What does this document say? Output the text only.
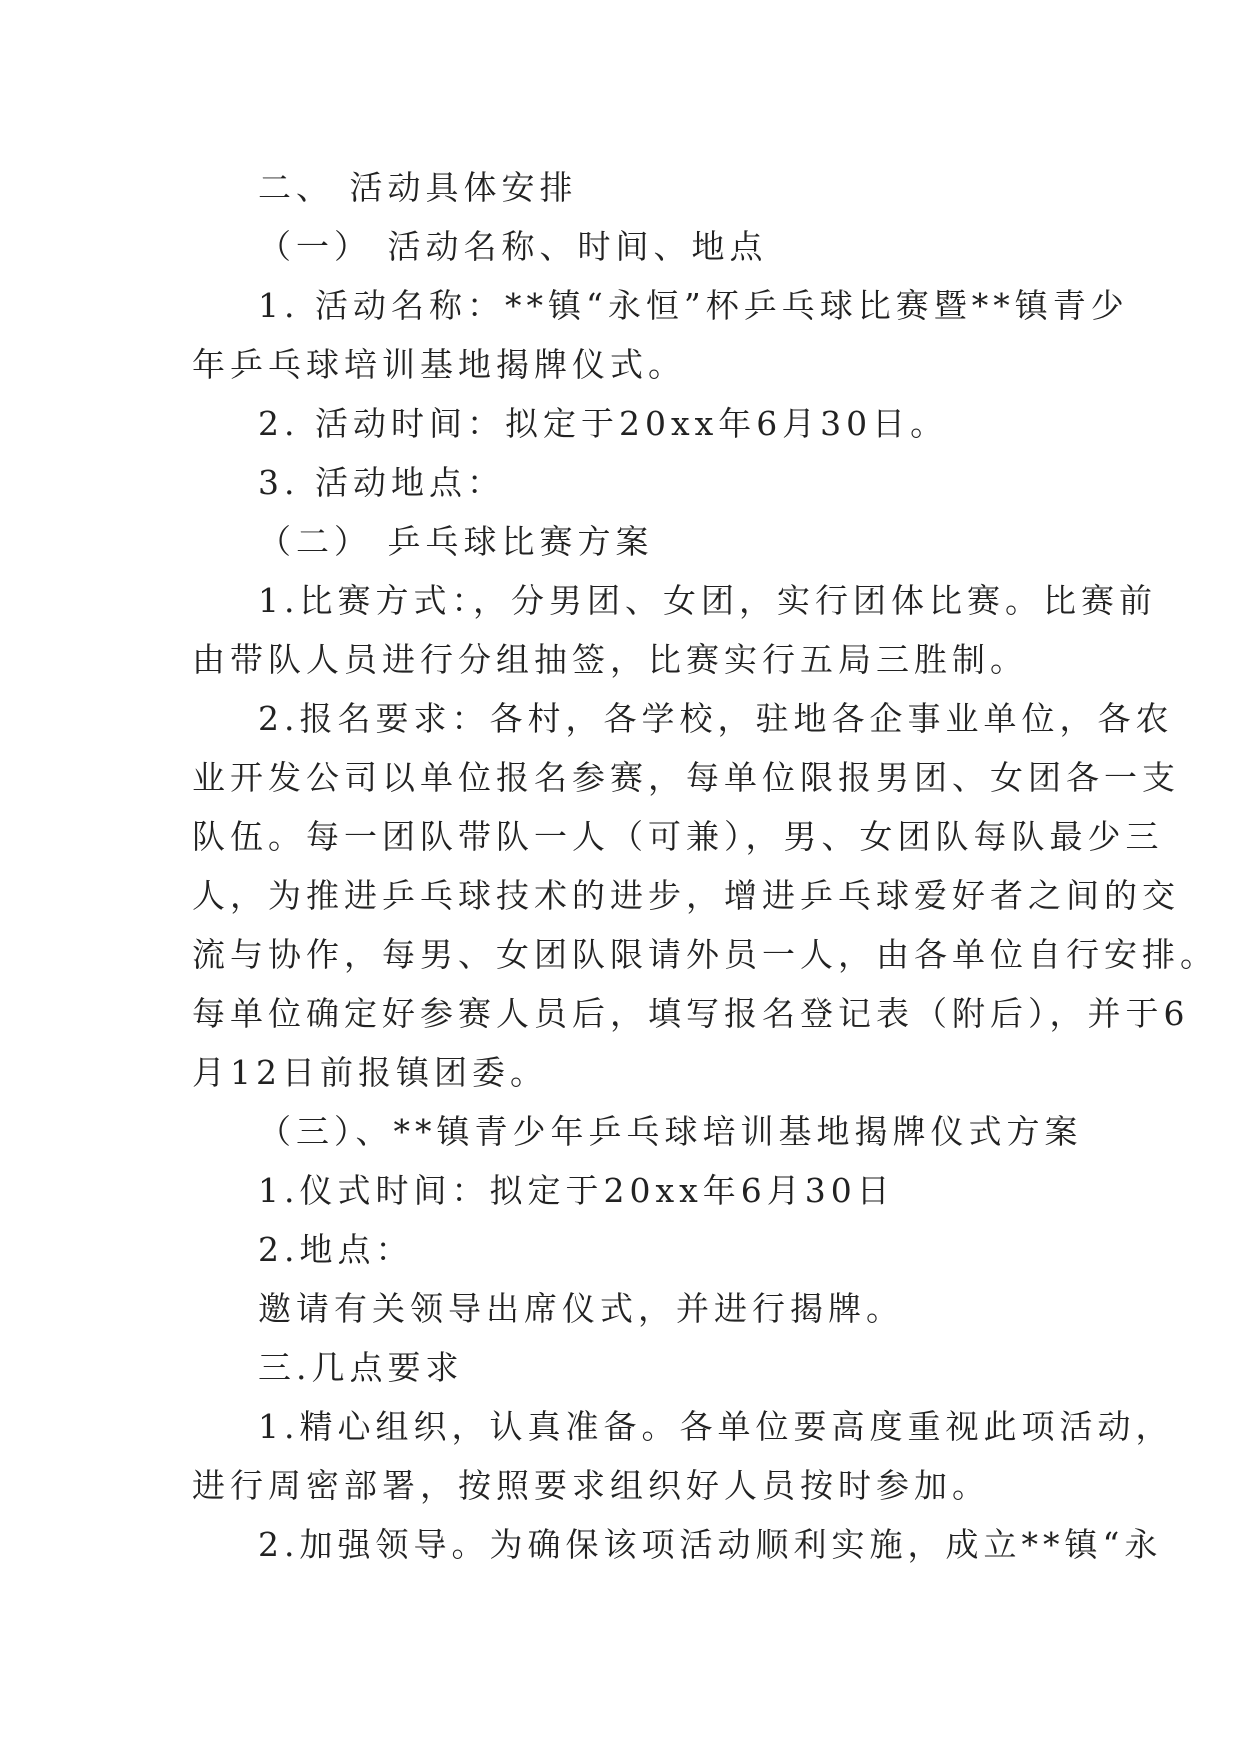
二、 活动具体安排
（一） 活动名称、时间、地点
1. 活动名称：**镇“永恒”杯乒乓球比赛暨**镇青少
年乒乓球培训基地揭牌仪式。
2. 活动时间：拟定于20xx年6月30日。
3. 活动地点：
（二） 乒乓球比赛方案
1.比赛方式：，分男团、女团，实行团体比赛。比赛前
由带队人员进行分组抽签，比赛实行五局三胜制。
2.报名要求：各村，各学校，驻地各企事业单位，各农
业开发公司以单位报名参赛，每单位限报男团、女团各一支
队伍。每一团队带队一人（可兼），男、女团队每队最少三
人，为推进乒乓球技术的进步，增进乒乓球爱好者之间的交
流与协作，每男、女团队限请外员一人，由各单位自行安排。
每单位确定好参赛人员后，填写报名登记表（附后），并于6
月12日前报镇团委。
（三）、**镇青少年乒乓球培训基地揭牌仪式方案
1.仪式时间：拟定于20xx年6月30日
2.地点：
邀请有关领导出席仪式，并进行揭牌。
三.几点要求
1.精心组织，认真准备。各单位要高度重视此项活动，
进行周密部署，按照要求组织好人员按时参加。
2.加强领导。为确保该项活动顺利实施，成立**镇“永
